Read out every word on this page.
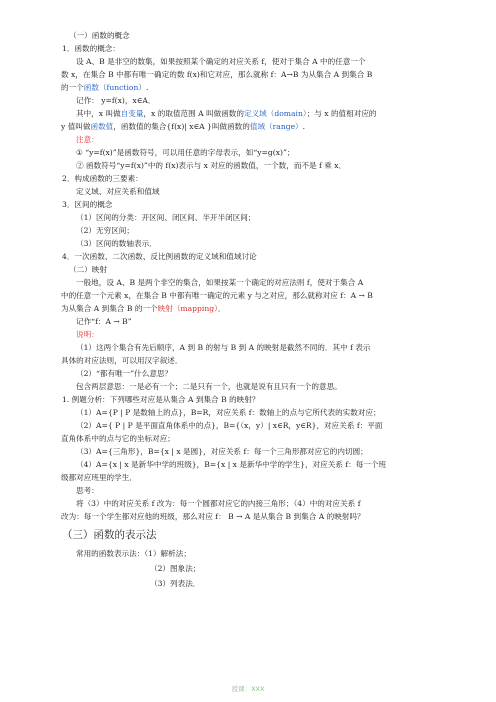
（一）函数的概念
1．函数的概念：
设 A、B 是非空的数集，如果按照某个确定的对应关系 f，使对于集合 A 中的任意一个
数 x，在集合 B 中都有唯一确定的数 f(x)和它对应，那么就称 f：A→B 为从集合 A 到集合 B
的一个函数（function）.
记作： y=f(x)，x∈A．
其中，x 叫做自变量，x 的取值范围 A 叫做函数的定义域（domain）；与 x 的值相对应的
y 值叫做函数值，函数值的集合{f(x)| x∈A }叫做函数的值域（range）.
注意：
① “y=f(x)”是函数符号，可以用任意的字母表示，如“y=g(x)”；
② 函数符号“y=f(x)”中的 f(x)表示与 x 对应的函数值，一个数，而不是 f 乘 x．
2．构成函数的三要素：
定义域、对应关系和值域
3．区间的概念
（1）区间的分类：开区间、闭区间、半开半闭区间；
（2）无穷区间；
（3）区间的数轴表示．
4．一次函数、二次函数、反比例函数的定义域和值域讨论
（二）映射
一般地，设 A、B 是两个非空的集合，如果按某一个确定的对应法则 f，使对于集合 A
中的任意一个元素 x，在集合 B 中都有唯一确定的元素 y 与之对应，那么就称对应 f：A → B
为从集合 A 到集合 B 的一个映射（mapping）．
记作“f：A → B”
说明：
（1）这两个集合有先后顺序，A 到 B 的射与 B 到 A 的映射是截然不同的．其中 f 表示
具体的对应法则，可以用汉字叙述．
（2）“都有唯一”什么意思？
包含两层意思：一是必有一个；二是只有一个，也就是说有且只有一个的意思。
1. 例题分析：下列哪些对应是从集合 A 到集合 B 的映射？
（1）A={P | P 是数轴上的点}，B=R，对应关系 f：数轴上的点与它所代表的实数对应；
（2）A={ P | P 是平面直角体系中的点}，B={（x，y）| x∈R，y∈R}，对应关系 f：平面
直角体系中的点与它的坐标对应；
（3）A={三角形}，B={x | x 是圆}，对应关系 f：每一个三角形都对应它的内切圆；
（4）A={x | x 是新华中学的班级}，B={x | x 是新华中学的学生}，对应关系 f：每一个班
级都对应班里的学生．
思考：
将（3）中的对应关系 f 改为：每一个圆都对应它的内接三角形；（4）中的对应关系 f
改为：每一个学生都对应他的班级，那么对应 f： B → A 是从集合 B 到集合 A 的映射吗？
（三）函数的表示法
常用的函数表示法：（1）解析法；
（2）图象法；
（3）列表法．
授课：XXX
